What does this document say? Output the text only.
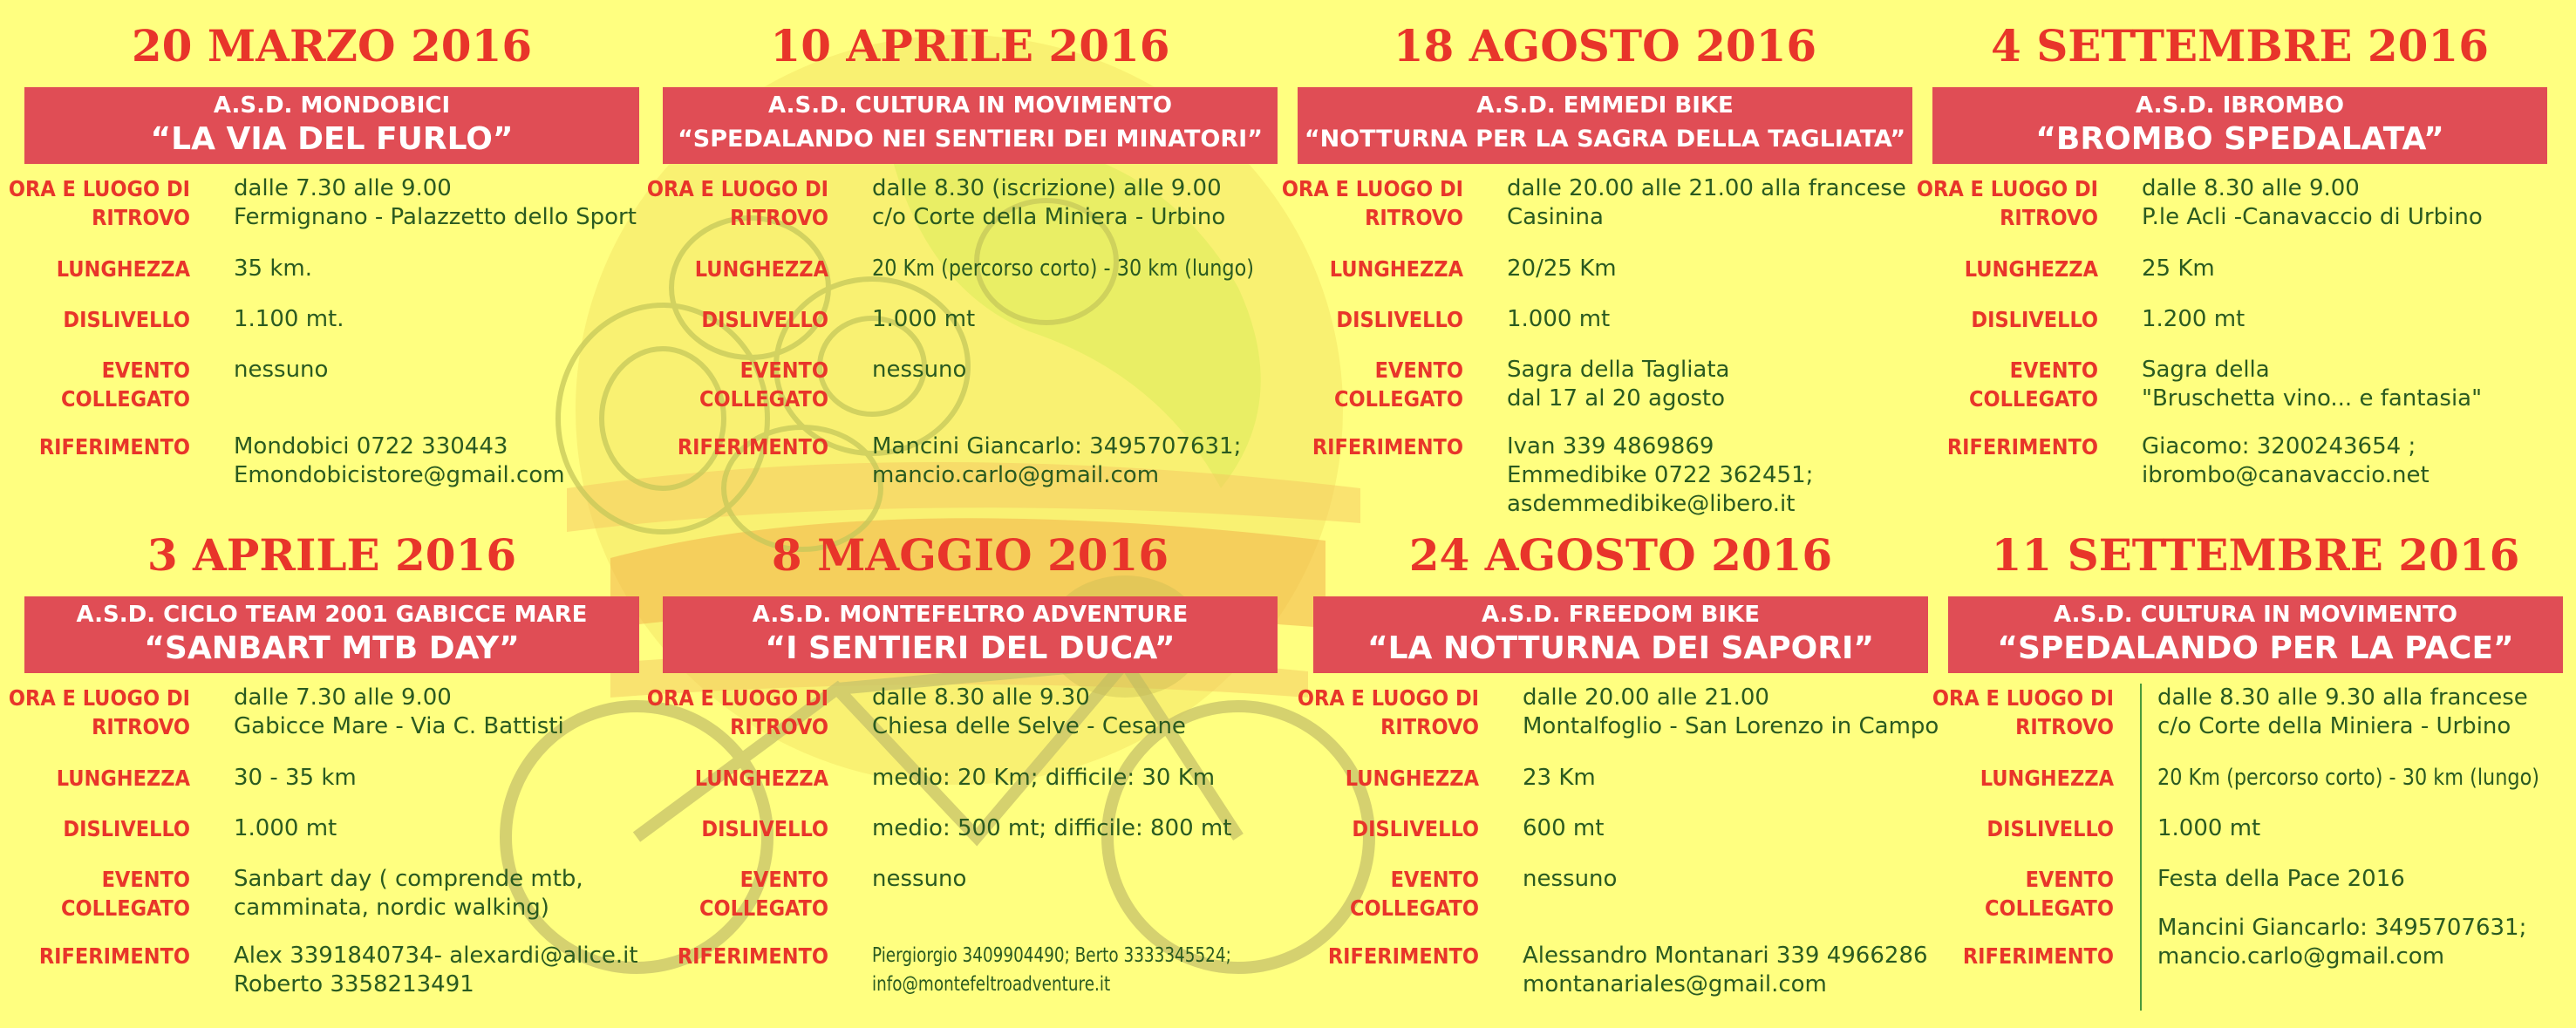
20 MARZO 2016
A.S.D. MONDOBICI
“LA VIA DEL FURLO”
ORA E LUOGO DI RITROVO
dalle 7.30 alle 9.00
Fermignano - Palazzetto dello Sport
LUNGHEZZA 35 km.
DISLIVELLO 1.100 mt.
EVENTO COLLEGATO
nessuno
RIFERIMENTO Mondobici 0722 330443
Emondobicistore@gmail.com
10 APRILE 2016
A.S.D. CULTURA IN MOVIMENTO
“SPEDALANDO NEI SENTIERI DEI MINATORI”
ORA E LUOGO DI RITROVO
dalle 8.30 (iscrizione) alle 9.00
c/o Corte della Miniera - Urbino
LUNGHEZZA 20 Km (percorso corto) - 30 km (lungo)
DISLIVELLO 1.000 mt
EVENTO COLLEGATO
nessuno
RIFERIMENTO Mancini Giancarlo: 3495707631;
mancio.carlo@gmail.com
18 AGOSTO 2016
A.S.D. EMMEDI BIKE
“NOTTURNA PER LA SAGRA DELLA TAGLIATA”
ORA E LUOGO DI RITROVO
dalle 20.00 alle 21.00 alla francese
Casinina
LUNGHEZZA 20/25 Km
DISLIVELLO 1.000 mt
EVENTO COLLEGATO
Sagra della Tagliata
dal 17 al 20 agosto
RIFERIMENTO Ivan 339 4869869
Emmedibike 0722 362451;
asdemmedibike@libero.it
4 SETTEMBRE 2016
A.S.D. IBROMBO
“BROMBO SPEDALATA”
ORA E LUOGO DI RITROVO
dalle 8.30 alle 9.00
P.le Acli -Canavaccio di Urbino
LUNGHEZZA 25 Km
DISLIVELLO 1.200 mt
EVENTO COLLEGATO
Sagra della
"Bruschetta vino... e fantasia"
RIFERIMENTO Giacomo: 3200243654 ;
ibrombo@canavaccio.net
3 APRILE 2016
A.S.D. CICLO TEAM 2001 GABICCE MARE
“SANBART MTB DAY”
ORA E LUOGO DI RITROVO
dalle 7.30 alle 9.00
Gabicce Mare - Via C. Battisti
LUNGHEZZA 30 - 35 km
DISLIVELLO 1.000 mt
EVENTO COLLEGATO
Sanbart day ( comprende mtb,
camminata, nordic walking)
RIFERIMENTO Alex 3391840734- alexardi@alice.it
Roberto 3358213491
8 MAGGIO 2016
A.S.D. MONTEFELTRO ADVENTURE
“I SENTIERI DEL DUCA”
ORA E LUOGO DI RITROVO
dalle 8.30 alle 9.30
Chiesa delle Selve - Cesane
LUNGHEZZA medio: 20 Km; difficile: 30 Km
DISLIVELLO medio: 500 mt; difficile: 800 mt
EVENTO COLLEGATO
nessuno
RIFERIMENTO Piergiorgio 3409904490; Berto 3333345524;
info@montefeltroadventure.it
24 AGOSTO 2016
A.S.D. FREEDOM BIKE
“LA NOTTURNA DEI SAPORI”
ORA E LUOGO DI RITROVO
dalle 20.00 alle 21.00
Montalfoglio - San Lorenzo in Campo
LUNGHEZZA 23 Km
DISLIVELLO 600 mt
EVENTO COLLEGATO
nessuno
RIFERIMENTO Alessandro Montanari 339 4966286
montanariales@gmail.com
11 SETTEMBRE 2016
A.S.D. CULTURA IN MOVIMENTO
“SPEDALANDO PER LA PACE”
ORA E LUOGO DI RITROVO
dalle 8.30 alle 9.30 alla francese
c/o Corte della Miniera - Urbino
LUNGHEZZA 20 Km (percorso corto) - 30 km (lungo)
DISLIVELLO 1.000 mt
EVENTO COLLEGATO
Festa della Pace 2016
RIFERIMENTO
Mancini Giancarlo: 3495707631;
mancio.carlo@gmail.com
